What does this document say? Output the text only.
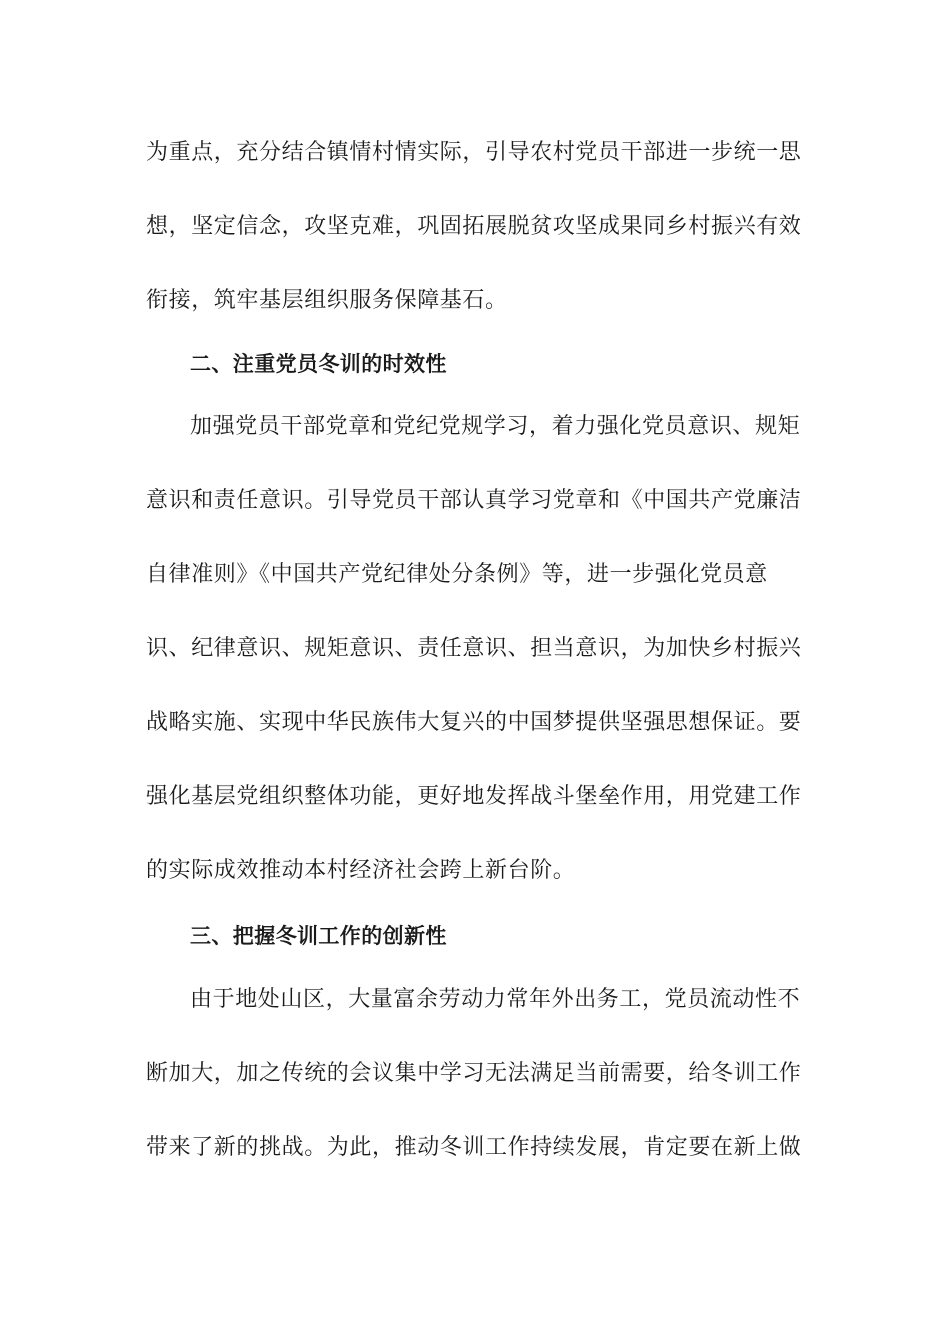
为重点，充分结合镇情村情实际，引导农村党员干部进一步统一思
想，坚定信念，攻坚克难，巩固拓展脱贫攻坚成果同乡村振兴有效
衔接，筑牢基层组织服务保障基石。
二、注重党员冬训的时效性
加强党员干部党章和党纪党规学习，着力强化党员意识、规矩
意识和责任意识。引导党员干部认真学习党章和《中国共产党廉洁
自律准则》《中国共产党纪律处分条例》等，进一步强化党员意
识、纪律意识、规矩意识、责任意识、担当意识，为加快乡村振兴
战略实施、实现中华民族伟大复兴的中国梦提供坚强思想保证。要
强化基层党组织整体功能，更好地发挥战斗堡垒作用，用党建工作
的实际成效推动本村经济社会跨上新台阶。
三、把握冬训工作的创新性
由于地处山区，大量富余劳动力常年外出务工，党员流动性不
断加大，加之传统的会议集中学习无法满足当前需要，给冬训工作
带来了新的挑战。为此，推动冬训工作持续发展，肯定要在新上做
